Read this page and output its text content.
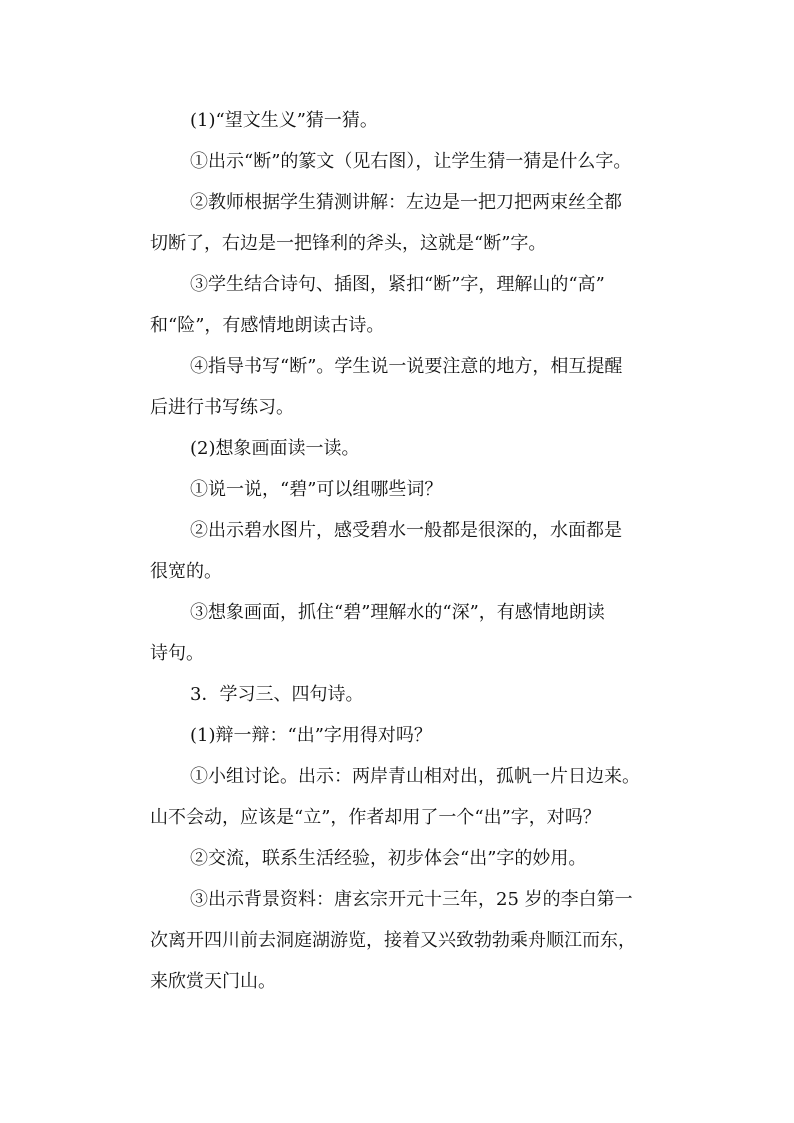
(1)“望文生义”猜一猜。

①出示“断”的篆文（见右图），让学生猜一猜是什么字。

②教师根据学生猜测讲解：左边是一把刀把两束丝全都

切断了，右边是一把锋利的斧头，这就是“断”字。

③学生结合诗句、插图，紧扣“断”字，理解山的“高”

和“险”，有感情地朗读古诗。

④指导书写“断”。学生说一说要注意的地方，相互提醒

后进行书写练习。

(2)想象画面读一读。

①说一说，“碧”可以组哪些词？

②出示碧水图片，感受碧水一般都是很深的，水面都是

很宽的。

③想象画面，抓住“碧”理解水的“深”，有感情地朗读

诗句。

3．学习三、四句诗。

(1)辩一辩：“出”字用得对吗？

①小组讨论。出示：两岸青山相对出，孤帆一片日边来。

山不会动，应该是“立”，作者却用了一个“出”字，对吗？

②交流，联系生活经验，初步体会“出”字的妙用。

③出示背景资料：唐玄宗开元十三年，25 岁的李白第一

次离开四川前去洞庭湖游览，接着又兴致勃勃乘舟顺江而东，

来欣赏天门山。
